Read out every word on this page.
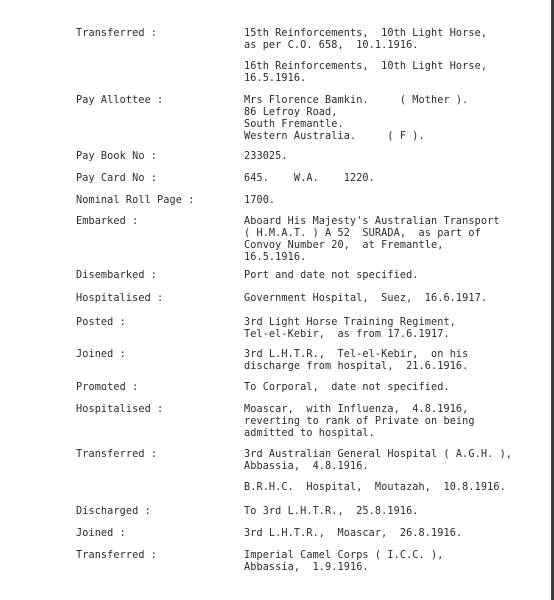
Transferred :	15th Reinforcements,  10th Light Horse,
as per C.O. 658,  10.1.1916.
16th Reinforcements,  10th Light Horse,
16.5.1916.
Pay Allottee :	Mrs Florence Bamkin.     ( Mother ).
86 Lefroy Road,
South Fremantle.
Western Australia.     ( F ).
Pay Book No :	233025.
Pay Card No :	645.    W.A.    1220.
Nominal Roll Page :	1700.
Embarked :	Aboard His Majesty's Australian Transport
( H.M.A.T. ) A 52  SURADA,  as part of
Convoy Number 20,  at Fremantle,
16.5.1916.
Disembarked :	Port and date not specified.
Hospitalised :	Government Hospital,  Suez,  16.6.1917.
Posted :	3rd Light Horse Training Regiment,
Tel-el-Kebir,  as from 17.6.1917.
Joined :	3rd L.H.T.R.,  Tel-el-Kebir,  on his
discharge from hospital,  21.6.1916.
Promoted :	To Corporal,  date not specified.
Hospitalised :	Moascar,  with Influenza,  4.8.1916,
reverting to rank of Private on being
admitted to hospital.
Transferred :	3rd Australian General Hospital ( A.G.H. ),
Abbassia,  4.8.1916.
B.R.H.C.  Hospital,  Moutazah,  10.8.1916.
Discharged :	To 3rd L.H.T.R.,  25.8.1916.
Joined :	3rd L.H.T.R.,  Moascar,  26.8.1916.
Transferred :	Imperial Camel Corps ( I.C.C. ),
Abbassia,  1.9.1916.
